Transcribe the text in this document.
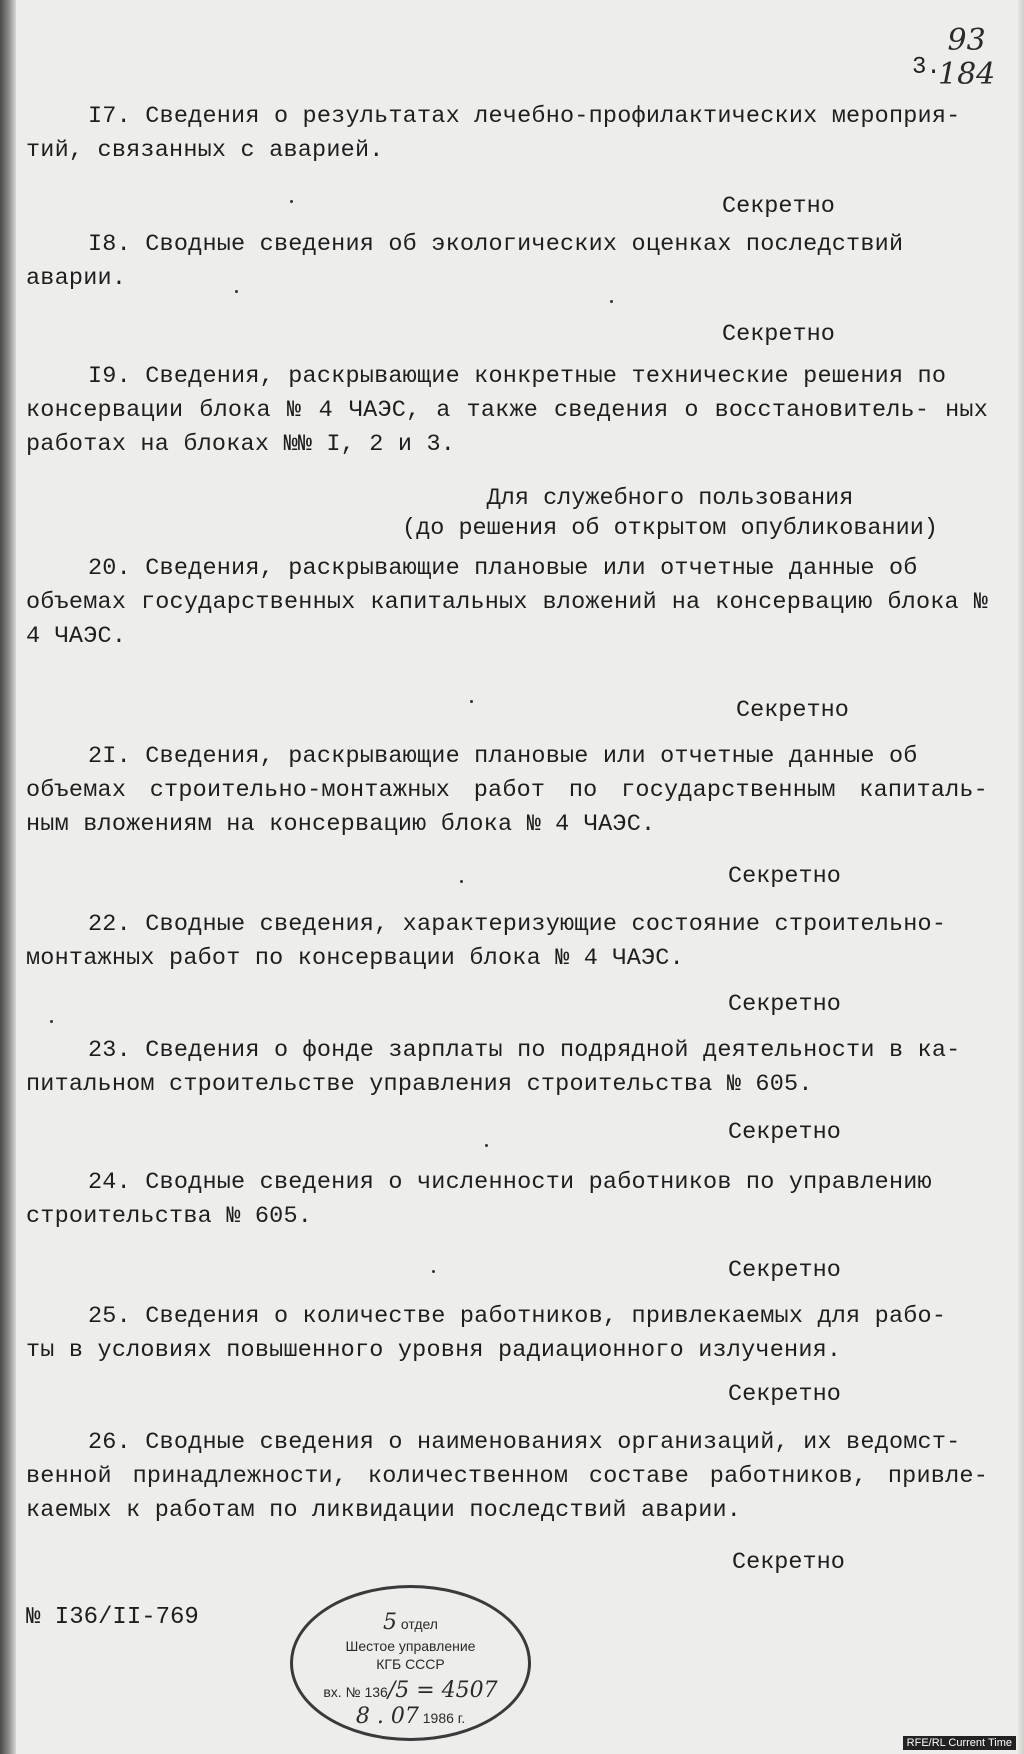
3.
93
184
I7. Сведения о результатах лечебно-профилактических мероприя-
тий, связанных с аварией.
Секретно
I8. Сводные сведения об экологических оценках последствий
аварии.
Секретно
I9. Сведения, раскрывающие конкретные технические решения по
консервации блока № 4 ЧАЭС, а также сведения о восстановитель- ных работах на блоках №№ I, 2 и 3.
Для служебного пользования
(до решения об открытом опубликовании)
20. Сведения, раскрывающие плановые или отчетные данные об
объемах государственных капитальных вложений на консервацию блока № 4 ЧАЭС.
Секретно
2I. Сведения, раскрывающие плановые или отчетные данные об
объемах строительно-монтажных работ по государственным капиталь- ным вложениям на консервацию блока № 4 ЧАЭС.
Секретно
22. Сводные сведения, характеризующие состояние строительно-
монтажных работ по консервации блока № 4 ЧАЭС.
Секретно
23. Сведения о фонде зарплаты по подрядной деятельности в ка-
питальном строительстве управления строительства № 605.
Секретно
24. Сводные сведения о численности работников по управлению
строительства № 605.
Секретно
25. Сведения о количестве работников, привлекаемых для рабо-
ты в условиях повышенного уровня радиационного излучения.
Секретно
26. Сводные сведения о наименованиях организаций, их ведомст-
венной принадлежности, количественном составе работников, привле- каемых к работам по ликвидации последствий аварии.
Секретно
№ I36/II-769	5 отдел
Шестое управление
КГБ СССР
вх. № 136/5 = 4507
8 . 07 1986 г.
RFE/RL Current Time
